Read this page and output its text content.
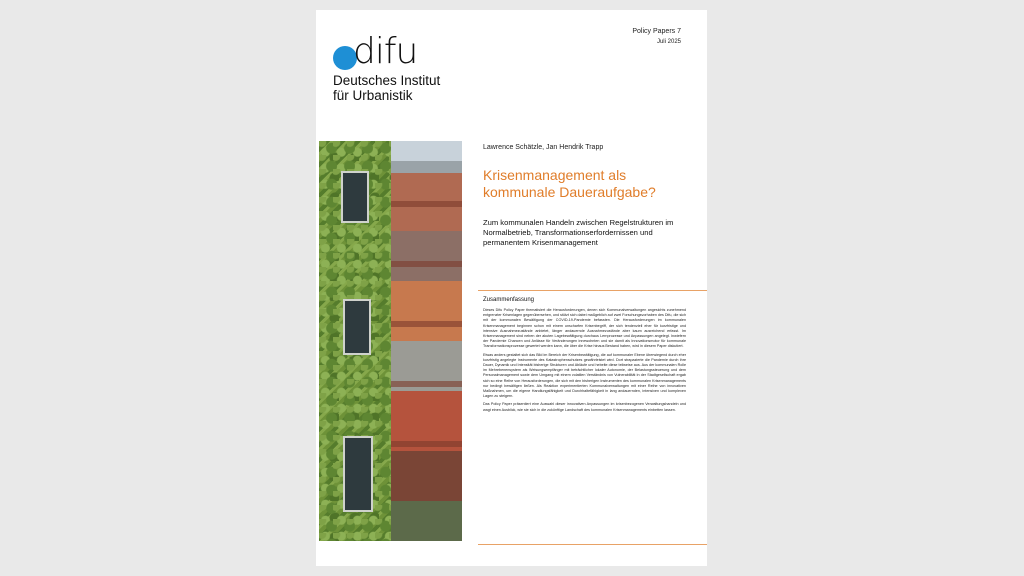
difu
Deutsches Institut
für Urbanistik
Policy Papers 7
Juli 2025
Lawrence Schätzle, Jan Hendrik Trapp
Krisenmanagement als kommunale Daueraufgabe?
Zum kommunalen Handeln zwischen Regelstrukturen im Normalbetrieb, Transformationserfordernissen und permanentem Krisenmanagement
Zusammenfassung

Dieses Difu Policy Paper thematisiert die Herausforderungen, denen sich Kommunalverwaltungen angesichts zunehmend entgrenzter Krisenlagen gegenübersehen, und stützt sich dabei maßgeblich auf zwei Forschungsvorhaben des Difu, die sich mit der kommunalen Bewältigung der COVID-19-Pandemie befassten. Die Herausforderungen im kommunalen Krisenmanagement beginnen schon mit einem unscharfen Krisenbegriff, der sich tendenziell eher für kurzfristige und intensive Ausnahmezustände anbietet, länger andauernde Ausnahmezustände aber kaum ausreichend erfasst. Im Krisenmanagement sind neben der akuten Lagebewältigung durchaus Lernprozesse und Anpassungen angelegt. Inwiefern der Pandemie Chancen und Anlässe für Veränderungen innewohnten und sie damit als Innovationsmotor für kommunale Transformationsprozesse gewertet werden kann, die über die Krise hinaus Bestand haben, wird in diesem Paper diskutiert.

Etwas anders gestaltet sich das Bild im Bereich der Krisenbewältigung, die auf kommunaler Ebene überwiegend durch eher kurzfristig angelegte Instrumente des Katastrophenschutzes gewährleistet wird. Dort strapazierte die Pandemie durch ihre Dauer, Dynamik und Intensität bisherige Strukturen und Abläufe und hebelte diese teilweise aus. Aus der kommunalen Rolle im Mehrebenensystem als Weisungsempfänger mit beträchtlicher lokaler Autonomie, der Belastungssteuerung und dem Personalmanagement sowie dem Umgang mit einem volatilen Verständnis von Vulnerabilität in der Stadtgesellschaft ergab sich so eine Reihe von Herausforderungen, die sich mit den bisherigen Instrumenten des kommunalen Krisenmanagements nur bedingt bewältigen ließen. Als Reaktion experimentierten Kommunalverwaltungen mit einer Reihe von innovativen Maßnahmen, um die eigene Handlungsfähigkeit und Durchhaltefähigkeit in lang andauernden, intensiven und komplexen Lagen zu steigern.

Das Policy Paper präsentiert eine Auswahl dieser innovativen Anpassungen im krisenbezogenen Verwaltungshandeln und wagt einen Ausblick, wie sie sich in die zukünftige Landschaft des kommunalen Krisenmanagements einbetten lassen.
